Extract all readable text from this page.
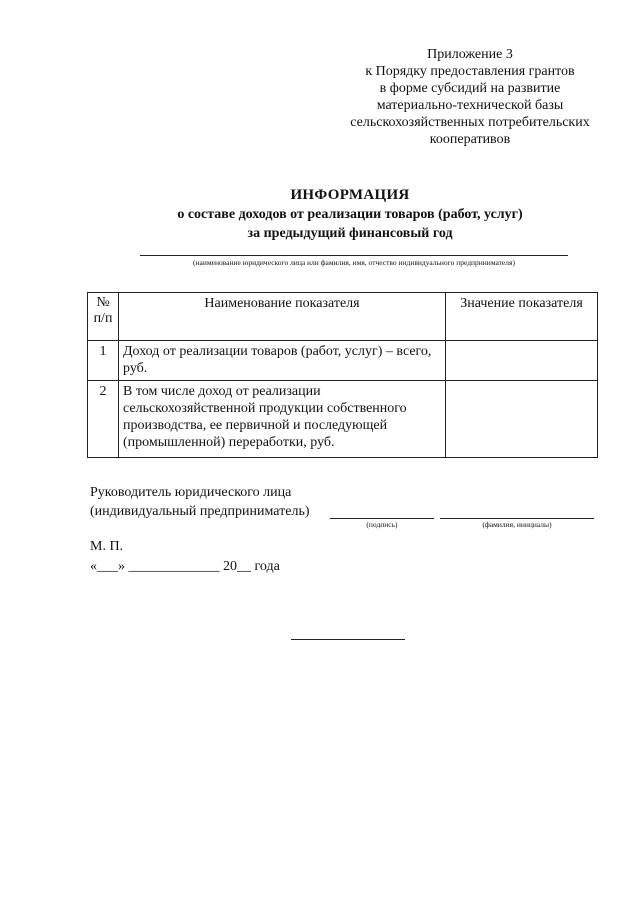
Приложение 3
к Порядку предоставления грантов
в форме субсидий на развитие
материально-технической базы
сельскохозяйственных потребительских
кооперативов
ИНФОРМАЦИЯ
о составе доходов от реализации товаров (работ, услуг)
за предыдущий финансовый год
(наименование юридического лица или фамилия, имя, отчество индивидуального предпринимателя)
№
п/п	Наименование показателя	Значение показателя
1	Доход от реализации товаров (работ, услуг) – всего, руб.	
2	В том числе доход от реализации сельскохозяйственной продукции собственного производства, ее первичной и последующей (промышленной) переработки, руб.	
Руководитель юридического лица
(индивидуальный предприниматель)
(подпись)	(фамилия, инициалы)
М. П.
«___» _____________ 20__ года
